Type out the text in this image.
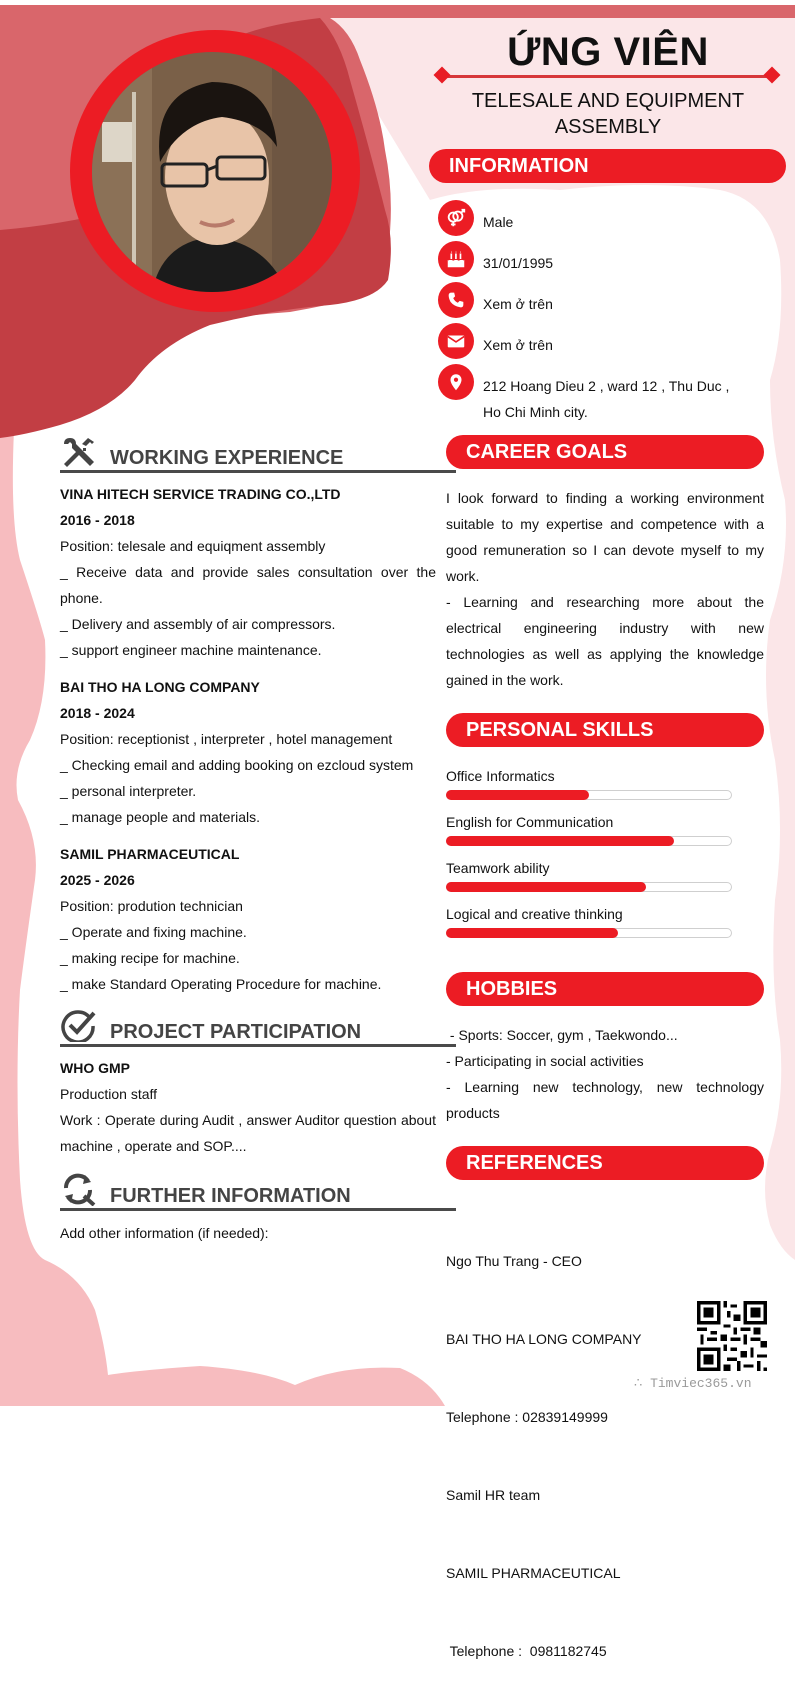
ỨNG VIÊN
TELESALE AND EQUIPMENT
ASSEMBLY
INFORMATION
Male
31/01/1995
Xem ở trên
Xem ở trên
212 Hoang Dieu 2 , ward 12 , Thu Duc ,
Ho Chi Minh city.
WORKING EXPERIENCE

VINA HITECH SERVICE TRADING CO.,LTD

2016 - 2018

Position: telesale and equiqment assembly

_ Receive data and provide sales consultation over the phone.

_ Delivery and assembly of air compressors.

_ support engineer machine maintenance.

BAI THO HA LONG COMPANY

2018 - 2024

Position: receptionist , interpreter , hotel management

_ Checking email and adding booking on ezcloud system

_ personal interpreter.

_ manage people and materials.

SAMIL PHARMACEUTICAL

2025 - 2026

Position: prodution technician

_ Operate and fixing machine.

_ making recipe for machine.

_ make Standard Operating Procedure for machine.

PROJECT PARTICIPATION

WHO GMP

Production staff

Work : Operate during Audit , answer Auditor question about machine , operate and SOP....

FURTHER INFORMATION

Add other information (if needed):

CAREER GOALS

I look forward to finding a working environment suitable to my expertise and competence with a good remuneration so I can devote myself to my work.

- Learning and researching more about the electrical engineering industry with new technologies as well as applying the knowledge gained in the work.

PERSONAL SKILLS
Office Informatics
English for Communication
Teamwork ability
Logical and creative thinking
HOBBIES

- Sports: Soccer, gym , Taekwondo...

- Participating in social activities

- Learning new technology, new technology products

REFERENCES

Ngo Thu Trang - CEO

BAI THO HA LONG COMPANY

Telephone : 02839149999

Samil HR team

SAMIL PHARMACEUTICAL

Telephone :  0981182745

∴ Timviec365.vn
